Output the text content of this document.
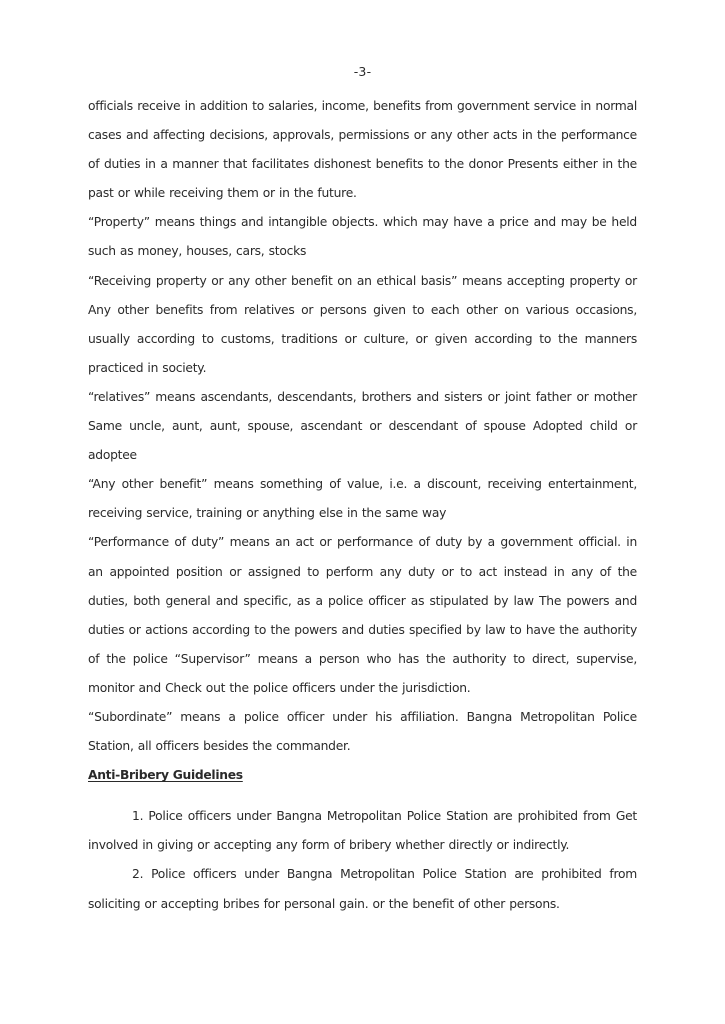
-3-

officials receive in addition to salaries, income, benefits from government service in normal cases and affecting decisions, approvals, permissions or any other acts in the performance of duties in a manner that facilitates dishonest benefits to the donor Presents either in the past or while receiving them or in the future.

“Property” means things and intangible objects. which may have a price and may be held such as money, houses, cars, stocks

“Receiving property or any other benefit on an ethical basis” means accepting property or Any other benefits from relatives or persons given to each other on various occasions, usually according to customs, traditions or culture, or given according to the manners practiced in society.

“relatives” means ascendants, descendants, brothers and sisters or joint father or mother Same uncle, aunt, aunt, spouse, ascendant or descendant of spouse Adopted child or adoptee

“Any other benefit” means something of value, i.e. a discount, receiving entertainment, receiving service, training or anything else in the same way

“Performance of duty” means an act or performance of duty by a government official. in an appointed position or assigned to perform any duty or to act instead in any of the duties, both general and specific, as a police officer as stipulated by law The powers and duties or actions according to the powers and duties specified by law to have the authority of the police “Supervisor” means a person who has the authority to direct, supervise, monitor and Check out the police officers under the jurisdiction.

“Subordinate” means a police officer under his affiliation. Bangna Metropolitan Police Station, all officers besides the commander.

Anti-Bribery Guidelines

1. Police officers under Bangna Metropolitan Police Station are prohibited from Get involved in giving or accepting any form of bribery whether directly or indirectly.

2. Police officers under Bangna Metropolitan Police Station are prohibited from soliciting or accepting bribes for personal gain. or the benefit of other persons.
